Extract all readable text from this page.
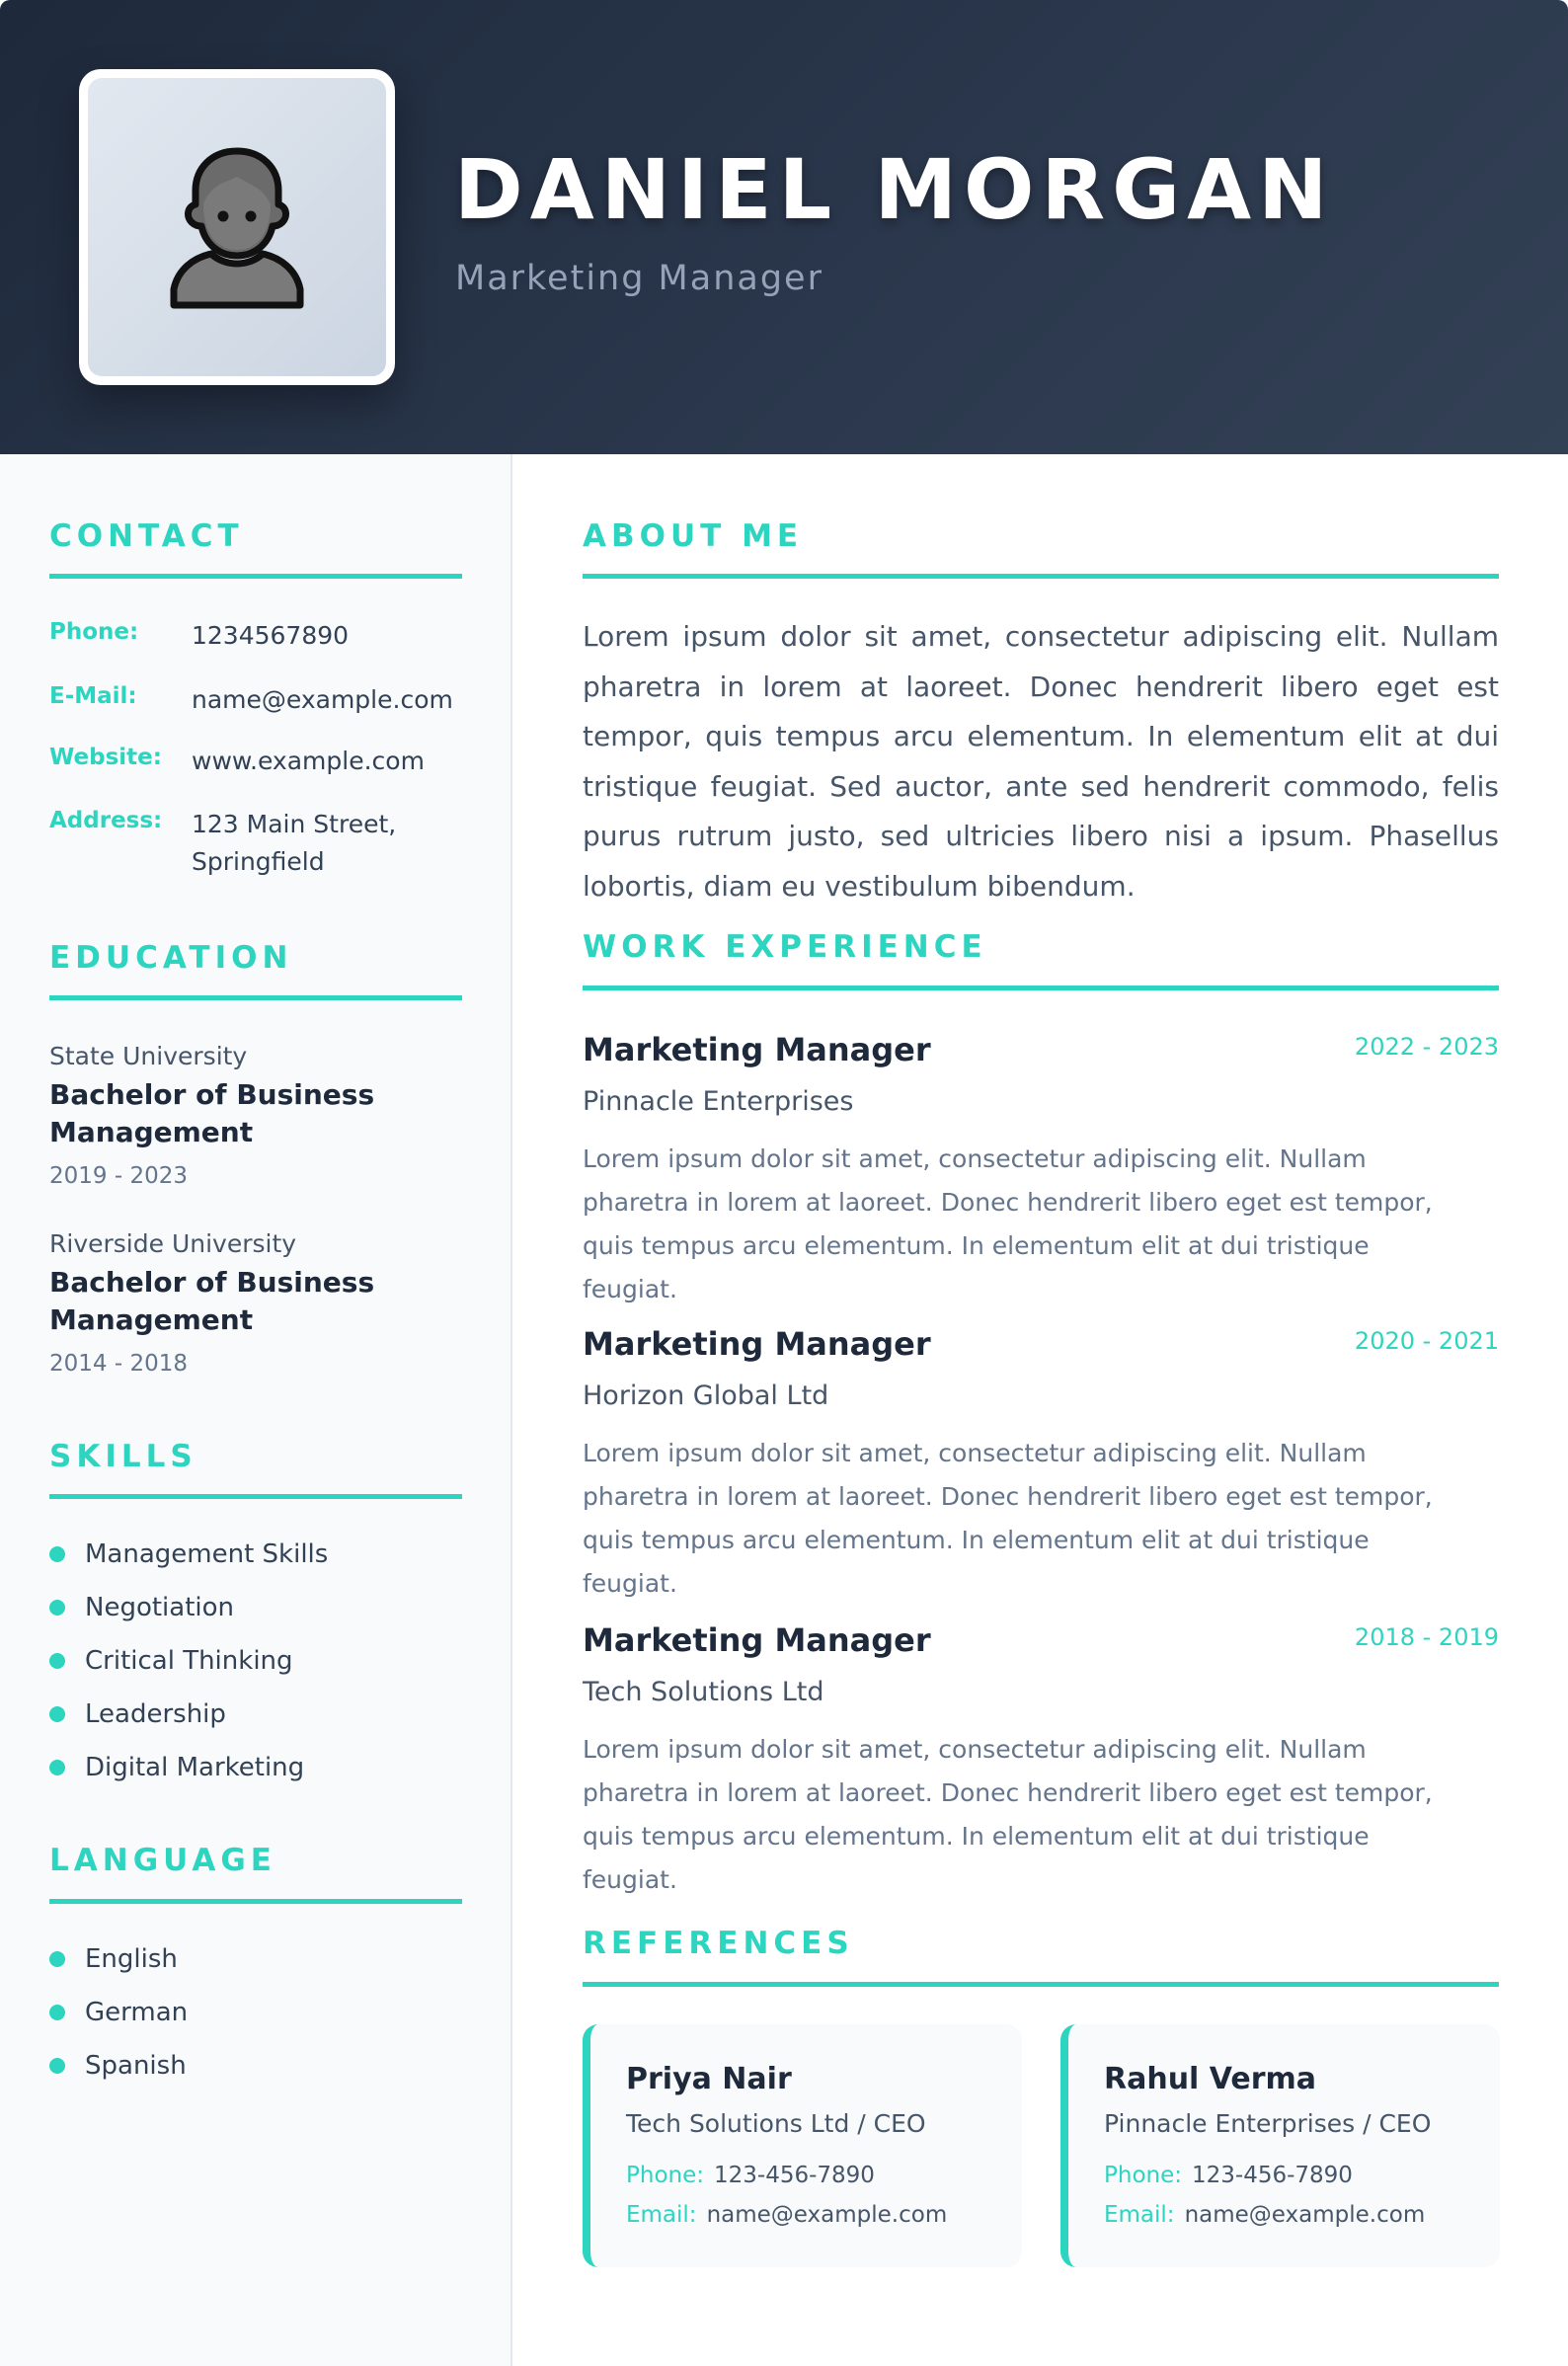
DANIEL MORGAN
Marketing Manager
CONTACT
Phone: 1234567890
E-Mail: name@example.com
Website: www.example.com
Address: 123 Main Street, Springfield
EDUCATION
State University
Bachelor of Business Management
2019 - 2023
Riverside University
Bachelor of Business Management
2014 - 2018
SKILLS
Management Skills
Negotiation
Critical Thinking
Leadership
Digital Marketing
LANGUAGE
English
German
Spanish
ABOUT ME
Lorem ipsum dolor sit amet, consectetur adipiscing elit. Nullam pharetra in lorem at laoreet. Donec hendrerit libero eget est tempor, quis tempus arcu elementum. In elementum elit at dui tristique feugiat. Sed auctor, ante sed hendrerit commodo, felis purus rutrum justo, sed ultricies libero nisi a ipsum. Phasellus lobortis, diam eu vestibulum bibendum.
WORK EXPERIENCE
Marketing Manager	2022 - 2023
Pinnacle Enterprises
Lorem ipsum dolor sit amet, consectetur adipiscing elit. Nullam pharetra in lorem at laoreet. Donec hendrerit libero eget est tempor, quis tempus arcu elementum. In elementum elit at dui tristique feugiat.
Marketing Manager	2020 - 2021
Horizon Global Ltd
Lorem ipsum dolor sit amet, consectetur adipiscing elit. Nullam pharetra in lorem at laoreet. Donec hendrerit libero eget est tempor, quis tempus arcu elementum. In elementum elit at dui tristique feugiat.
Marketing Manager	2018 - 2019
Tech Solutions Ltd
Lorem ipsum dolor sit amet, consectetur adipiscing elit. Nullam pharetra in lorem at laoreet. Donec hendrerit libero eget est tempor, quis tempus arcu elementum. In elementum elit at dui tristique feugiat.
REFERENCES
Priya Nair
Tech Solutions Ltd / CEO
Phone: 123-456-7890
Email: name@example.com
Rahul Verma
Pinnacle Enterprises / CEO
Phone: 123-456-7890
Email: name@example.com
